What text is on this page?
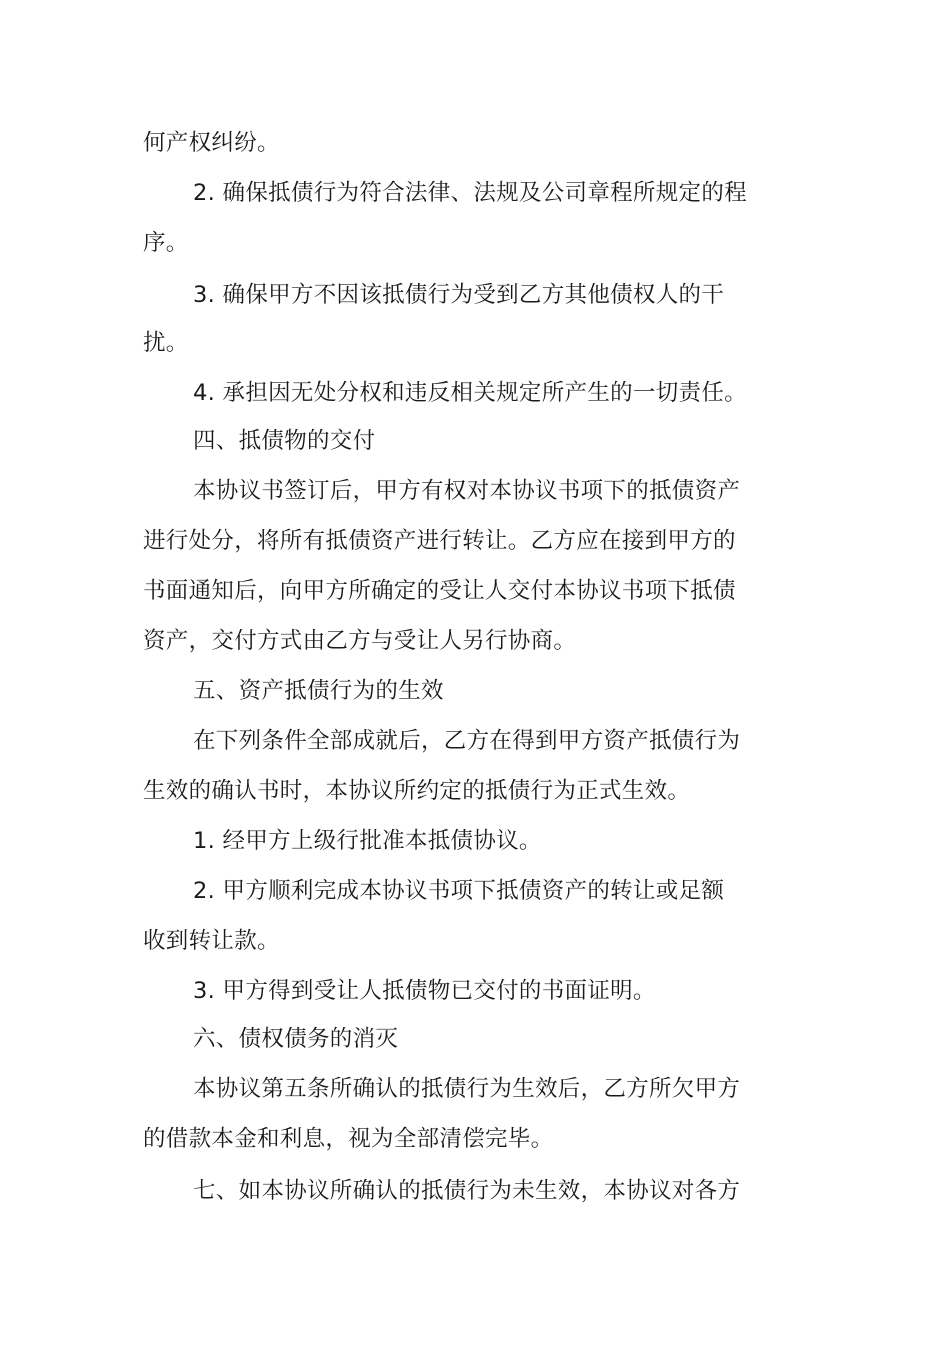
何产权纠纷。
2. 确保抵债行为符合法律、法规及公司章程所规定的程
序。
3. 确保甲方不因该抵债行为受到乙方其他债权人的干
扰。
4. 承担因无处分权和违反相关规定所产生的一切责任。
四、抵债物的交付
本协议书签订后，甲方有权对本协议书项下的抵债资产
进行处分，将所有抵债资产进行转让。乙方应在接到甲方的
书面通知后，向甲方所确定的受让人交付本协议书项下抵债
资产，交付方式由乙方与受让人另行协商。
五、资产抵债行为的生效
在下列条件全部成就后，乙方在得到甲方资产抵债行为
生效的确认书时，本协议所约定的抵债行为正式生效。
1. 经甲方上级行批准本抵债协议。
2. 甲方顺利完成本协议书项下抵债资产的转让或足额
收到转让款。
3. 甲方得到受让人抵债物已交付的书面证明。
六、债权债务的消灭
本协议第五条所确认的抵债行为生效后，乙方所欠甲方
的借款本金和利息，视为全部清偿完毕。
七、如本协议所确认的抵债行为未生效，本协议对各方
